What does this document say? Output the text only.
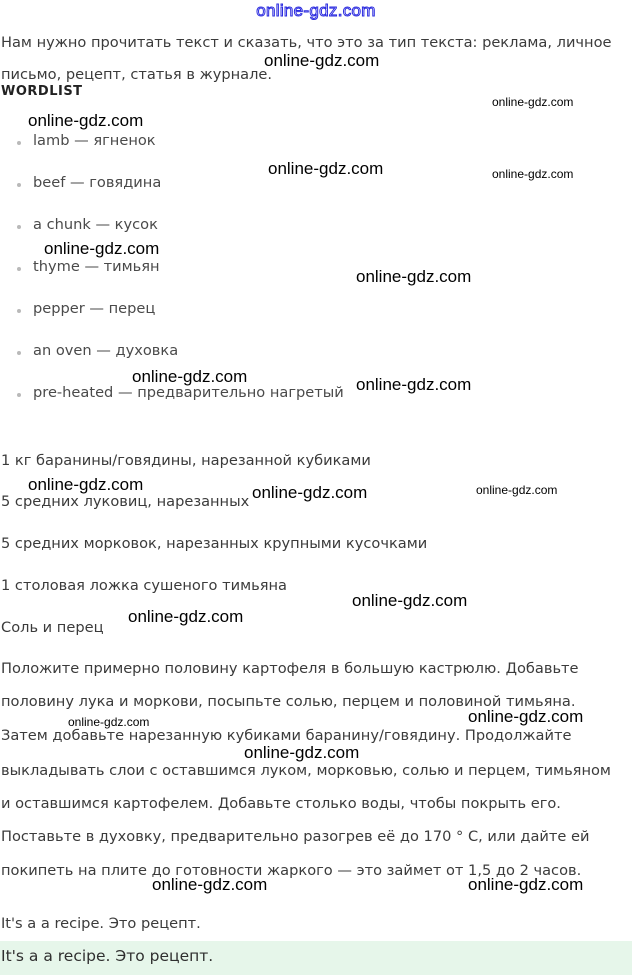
online-gdz.com
Нам нужно прочитать текст и сказать, что это за тип текста: реклама, личное
письмо, рецепт, статья в журнале.
WORDLIST
lamb — ягненок
beef — говядина
a chunk — кусок
thyme — тимьян
pepper — перец
an oven — духовка
pre-heated — предварительно нагретый
1 кг баранины/говядины, нарезанной кубиками
5 средних луковиц, нарезанных
5 средних морковок, нарезанных крупными кусочками
1 столовая ложка сушеного тимьяна
Соль и перец
Положите примерно половину картофеля в большую кастрюлю. Добавьте
половину лука и моркови, посыпьте солью, перцем и половиной тимьяна.
Затем добавьте нарезанную кубиками баранину/говядину. Продолжайте
выкладывать слои с оставшимся луком, морковью, солью и перцем, тимьяном
и оставшимся картофелем. Добавьте столько воды, чтобы покрыть его.
Поставьте в духовку, предварительно разогрев её до 170 ° C, или дайте ей
покипеть на плите до готовности жаркого — это займет от 1,5 до 2 часов.
It's a a recipe. Это рецепт.
It's a a recipe. Это рецепт.
online-gdz.com
online-gdz.com
online-gdz.com
online-gdz.com	online-gdz.com
online-gdz.com
online-gdz.com
online-gdz.com	online-gdz.com
online-gdz.com	online-gdz.com	online-gdz.com
online-gdz.com
online-gdz.com
online-gdz.com	online-gdz.com
online-gdz.com
online-gdz.com	online-gdz.com
